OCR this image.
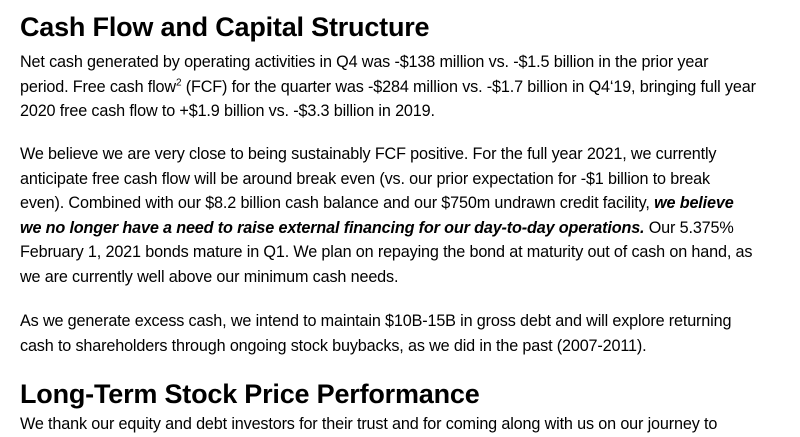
Cash Flow and Capital Structure

Net cash generated by operating activities in Q4 was -$138 million vs. -$1.5 billion in the prior year
period. Free cash flow$^2$ (FCF) for the quarter was -$284 million vs. -$1.7 billion in Q4‘19, bringing full year
2020 free cash flow to +$1.9 billion vs. -$3.3 billion in 2019.

We believe we are very close to being sustainably FCF positive. For the full year 2021, we currently
anticipate free cash flow will be around break even (vs. our prior expectation for -$1 billion to break
even). Combined with our $8.2 billion cash balance and our $750m undrawn credit facility, we believe
we no longer have a need to raise external financing for our day-to-day operations. Our 5.375%
February 1, 2021 bonds mature in Q1. We plan on repaying the bond at maturity out of cash on hand, as
we are currently well above our minimum cash needs.

As we generate excess cash, we intend to maintain $10B-15B in gross debt and will explore returning
cash to shareholders through ongoing stock buybacks, as we did in the past (2007-2011).

Long-Term Stock Price Performance

We thank our equity and debt investors for their trust and for coming along with us on our journey to
